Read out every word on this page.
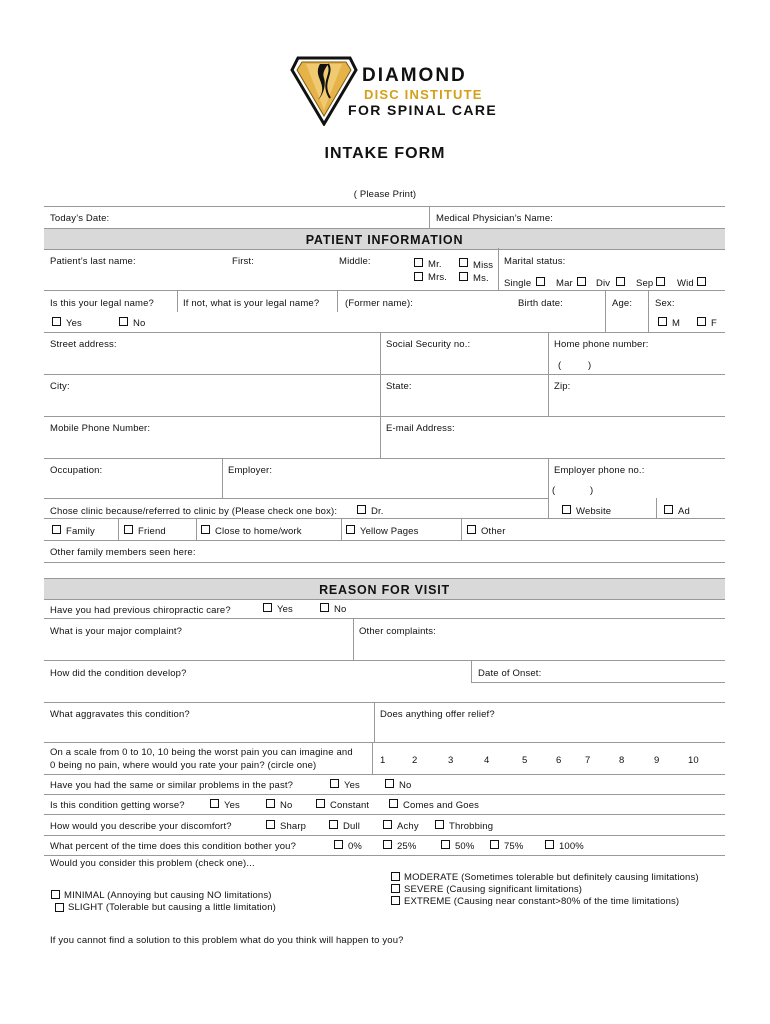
DIAMOND
DISC INSTITUTE
FOR SPINAL CARE
INTAKE FORM
( Please Print)
Today’s Date:	Medical Physician’s Name:
PATIENT INFORMATION
Patient’s last name:	First:	Middle:	Mr.
Mrs.
Miss
Ms.
Marital status:
Single	Mar Div	Sep Wid
Is this your legal name?	If not, what is your legal name?	(Former name):	Birth date:	Age: Sex:
Yes	No	M	F
Street address:	Social Security no.:	Home phone number:
(	)
City:	State:	Zip:
Mobile Phone Number:	E-mail Address:
Occupation:	Employer:	Employer phone no.:
(	)
Chose clinic because/referred to clinic by (Please check one box):	Dr.	Website	Ad
Family	Friend	Close to home/work	Yellow Pages	Other
Other family members seen here:
REASON FOR VISIT
Have you had previous chiropractic care?	Yes	No
What is your major complaint?	Other complaints:
How did the condition develop?	Date of Onset:
What aggravates this condition?	Does anything offer relief?
On a scale from 0 to 10, 10 being the worst pain you can imagine and
0 being no pain, where would you rate your pain? (circle one)	1	2	3	4	5	6 7	8	9	10
Have you had the same or similar problems in the past?	Yes	No
Is this condition getting worse?	Yes	No	Constant	Comes and Goes
How would you describe your discomfort?	Sharp	Dull	Achy	Throbbing
What percent of the time does this condition bother you?	0%	25%	50%	75%	100%
Would you consider this problem (check one)...
MODERATE (Sometimes tolerable but definitely causing limitations)
SEVERE (Causing significant limitations)
EXTREME (Causing near constant>80% of the time limitations)
MINIMAL (Annoying but causing NO limitations)
SLIGHT (Tolerable but causing a little limitation)
If you cannot find a solution to this problem what do you think will happen to you?
